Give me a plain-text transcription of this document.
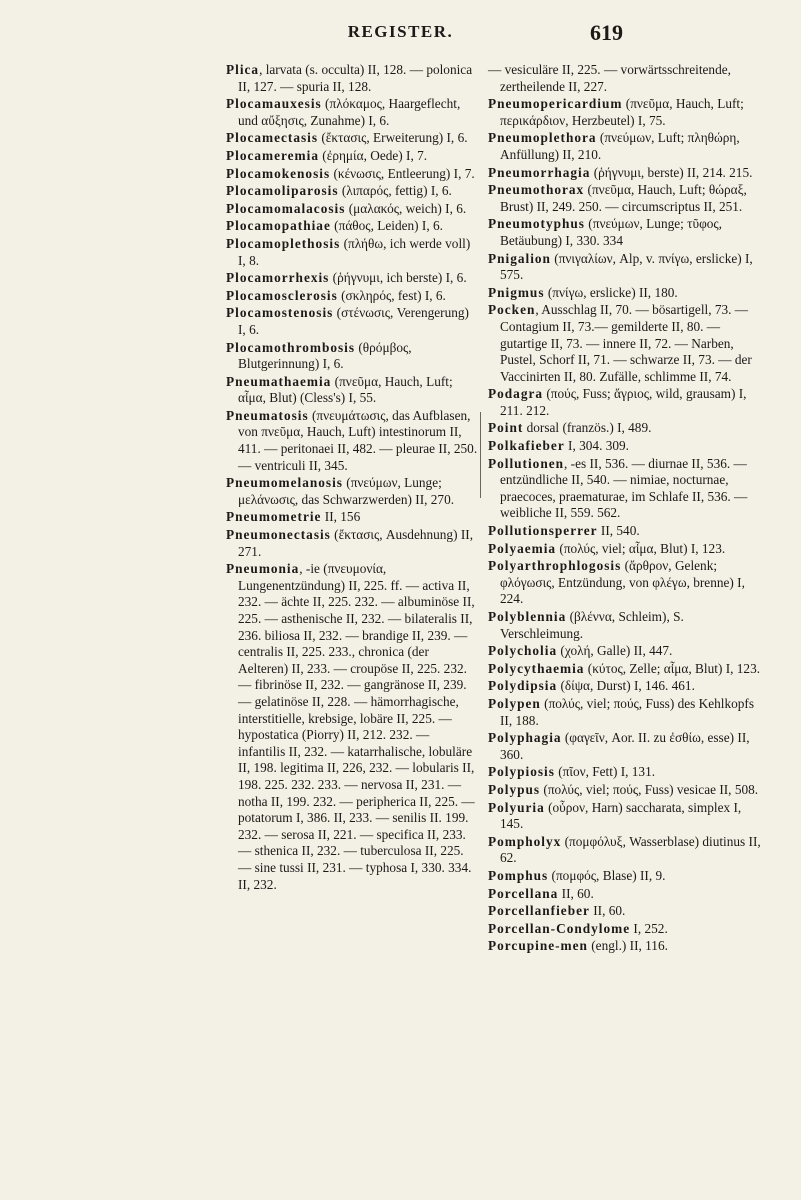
REGISTER.	619
Plica, larvata (s. occulta) II, 128. — polonica II, 127. — spuria II, 128.
Plocamauxesis (πλόκαμος, Haargeflecht, und αὔξησις, Zunahme) I, 6.
Plocamectasis (ἔκτασις, Erweiterung) I, 6.
Plocameremia (ἐρημία, Oede) I, 7.
Plocamokenosis (κένωσις, Entleerung) I, 7.
Plocamoliparosis (λιπαρός, fettig) I, 6.
Plocamomalacosis (μαλακός, weich) I, 6.
Plocamopathiae (πάθος, Leiden) I, 6.
Plocamoplethosis (πλήθω, ich werde voll) I, 8.
Plocamorrhexis (ῥήγνυμι, ich berste) I, 6.
Plocamosclerosis (σκληρός, fest) I, 6.
Plocamostenosis (στένωσις, Verengerung) I, 6.
Plocamothrombosis (θρόμβος, Blutgerinnung) I, 6.
Pneumathaemia (πνεῦμα, Hauch, Luft; αἷμα, Blut) (Cless's) I, 55.
Pneumatosis (πνευμάτωσις, das Aufblasen, von πνεῦμα, Hauch, Luft) intestinorum II, 411. — peritonaei II, 482. — pleurae II, 250. — ventriculi II, 345.
Pneumomelanosis (πνεύμων, Lunge; μελάνωσις, das Schwarzwerden) II, 270.
Pneumometrie II, 156
Pneumonectasis (ἔκτασις, Ausdehnung) II, 271.
Pneumonia, -ie (πνευμονία, Lungenentzündung) II, 225. ff. — activa II, 232. — ächte II, 225. 232. — albuminöse II, 225. — asthenische II, 232. — bilateralis II, 236. biliosa II, 232. — brandige II, 239. — centralis II, 225. 233., chronica (der Aelteren) II, 233. — croupöse II, 225. 232. — fibrinöse II, 232. — gangränose II, 239. — gelatinöse II, 228. — hämorrhagische, interstitielle, krebsige, lobäre II, 225. — hypostatica (Piorry) II, 212. 232. — infantilis II, 232. — katarrhalische, lobuläre II, 198. legitima II, 226, 232. — lobularis II, 198. 225. 232. 233. — nervosa II, 231. — notha II, 199. 232. — peripherica II, 225. — potatorum I, 386. II, 233. — senilis II. 199. 232. — serosa II, 221. — specifica II, 233. — sthenica II, 232. — tuberculosa II, 225. — sine tussi II, 231. — typhosa I, 330. 334. II, 232.
— vesiculäre II, 225. — vorwärtsschreitende, zertheilende II, 227.
Pneumopericardium (πνεῦμα, Hauch, Luft; περικάρδιον, Herzbeutel) I, 75.
Pneumoplethora (πνεύμων, Luft; πληθώρη, Anfüllung) II, 210.
Pneumorrhagia (ῥήγνυμι, berste) II, 214. 215.
Pneumothorax (πνεῦμα, Hauch, Luft; θώραξ, Brust) II, 249. 250. — circumscriptus II, 251.
Pneumotyphus (πνεύμων, Lunge; τῦφος, Betäubung) I, 330. 334
Pnigalion (πνιγαλίων, Alp, v. πνίγω, erslicke) I, 575.
Pnigmus (πνίγω, erslicke) II, 180.
Pocken, Ausschlag II, 70. — bösartigell, 73. — Contagium II, 73.— gemilderte II, 80. — gutartige II, 73. — innere II, 72. — Narben, Pustel, Schorf II, 71. — schwarze II, 73. — der Vaccinirten II, 80. Zufälle, schlimme II, 74.
Podagra (πούς, Fuss; ἄγριος, wild, grausam) I, 211. 212.
Point dorsal (französ.) I, 489.
Polkafieber I, 304. 309.
Pollutionen, -es II, 536. — diurnae II, 536. — entzündliche II, 540. — nimiae, nocturnae, praecoces, praematurae, im Schlafe II, 536. — weibliche II, 559. 562.
Pollutionsperrer II, 540.
Polyaemia (πολύς, viel; αἷμα, Blut) I, 123.
Polyarthrophlogosis (ἄρθρον, Gelenk; φλόγωσις, Entzündung, von φλέγω, brenne) I, 224.
Polyblennia (βλέννα, Schleim), S. Verschleimung.
Polycholia (χολή, Galle) II, 447.
Polycythaemia (κύτος, Zelle; αἷμα, Blut) I, 123.
Polydipsia (δίψα, Durst) I, 146. 461.
Polypen (πολύς, viel; πούς, Fuss) des Kehlkopfs II, 188.
Polyphagia (φαγεῖν, Aor. II. zu ἐσθίω, esse) II, 360.
Polypiosis (πῖον, Fett) I, 131.
Polypus (πολύς, viel; πούς, Fuss) vesicae II, 508.
Polyuria (οὖρον, Harn) saccharata, simplex I, 145.
Pompholyx (πομφόλυξ, Wasserblase) diutinus II, 62.
Pomphus (πομφός, Blase) II, 9.
Porcellana II, 60.
Porcellanfieber II, 60.
Porcellan-Condylome I, 252.
Porcupine-men (engl.) II, 116.
